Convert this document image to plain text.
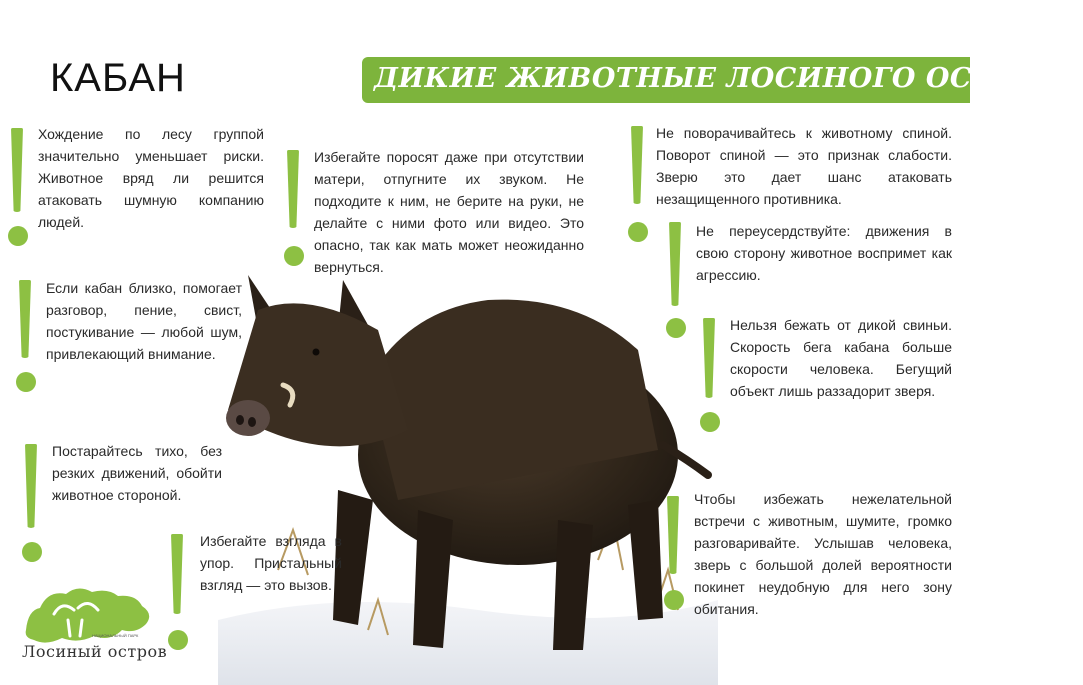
КАБАН	ДИКИЕ ЖИВОТНЫЕ ЛОСИНОГО ОСТРОВА
Хождение по лесу группой значительно уменьшает риски. Животное вряд ли решится атаковать шумную компанию людей.
Если кабан близко, помогает разговор, пение, свист, постукивание — любой шум, привлекающий внимание.
Постарайтесь тихо, без резких движений, обойти животное стороной.
Избегайте взгляда в упор. Пристальный взгляд — это вызов.
Избегайте поросят даже при отсутствии матери, отпугните их звуком. Не подходите к ним, не берите на руки, не делайте с ними фото или видео. Это опасно, так как мать может неожиданно вернуться.
Не поворачивайтесь к животному спиной. Поворот спиной — это признак слабости. Зверю это дает шанс атаковать незащищенного противника.
Не переусердствуйте: движения в свою сторону животное воспримет как агрессию.
Нельзя бежать от дикой свиньи. Скорость бега кабана больше скорости человека. Бегущий объект лишь раззадорит зверя.
Чтобы избежать нежелательной встречи с животным, шумите, громко разговаривайте. Услышав человека, зверь с большой долей вероятности покинет неудобную для него зону обитания.
НАЦИОНАЛЬНЫЙ ПАРК
Лосиный остров
